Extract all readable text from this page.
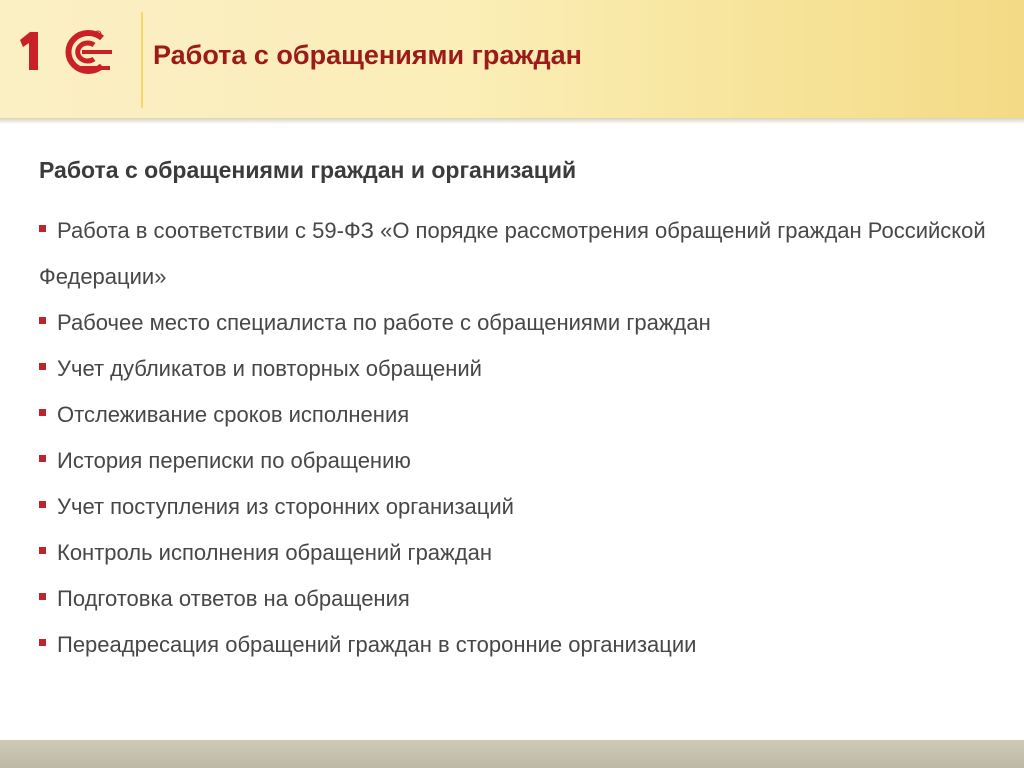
Работа с обращениями граждан
Работа с обращениями граждан и организаций
Работа в соответствии с 59-ФЗ «О порядке рассмотрения обращений граждан Российской Федерации»
Рабочее место специалиста по работе с обращениями граждан
Учет дубликатов и повторных обращений
Отслеживание сроков исполнения
История переписки по обращению
Учет поступления из сторонних организаций
Контроль исполнения обращений граждан
Подготовка ответов на обращения
Переадресация обращений граждан в сторонние организации
